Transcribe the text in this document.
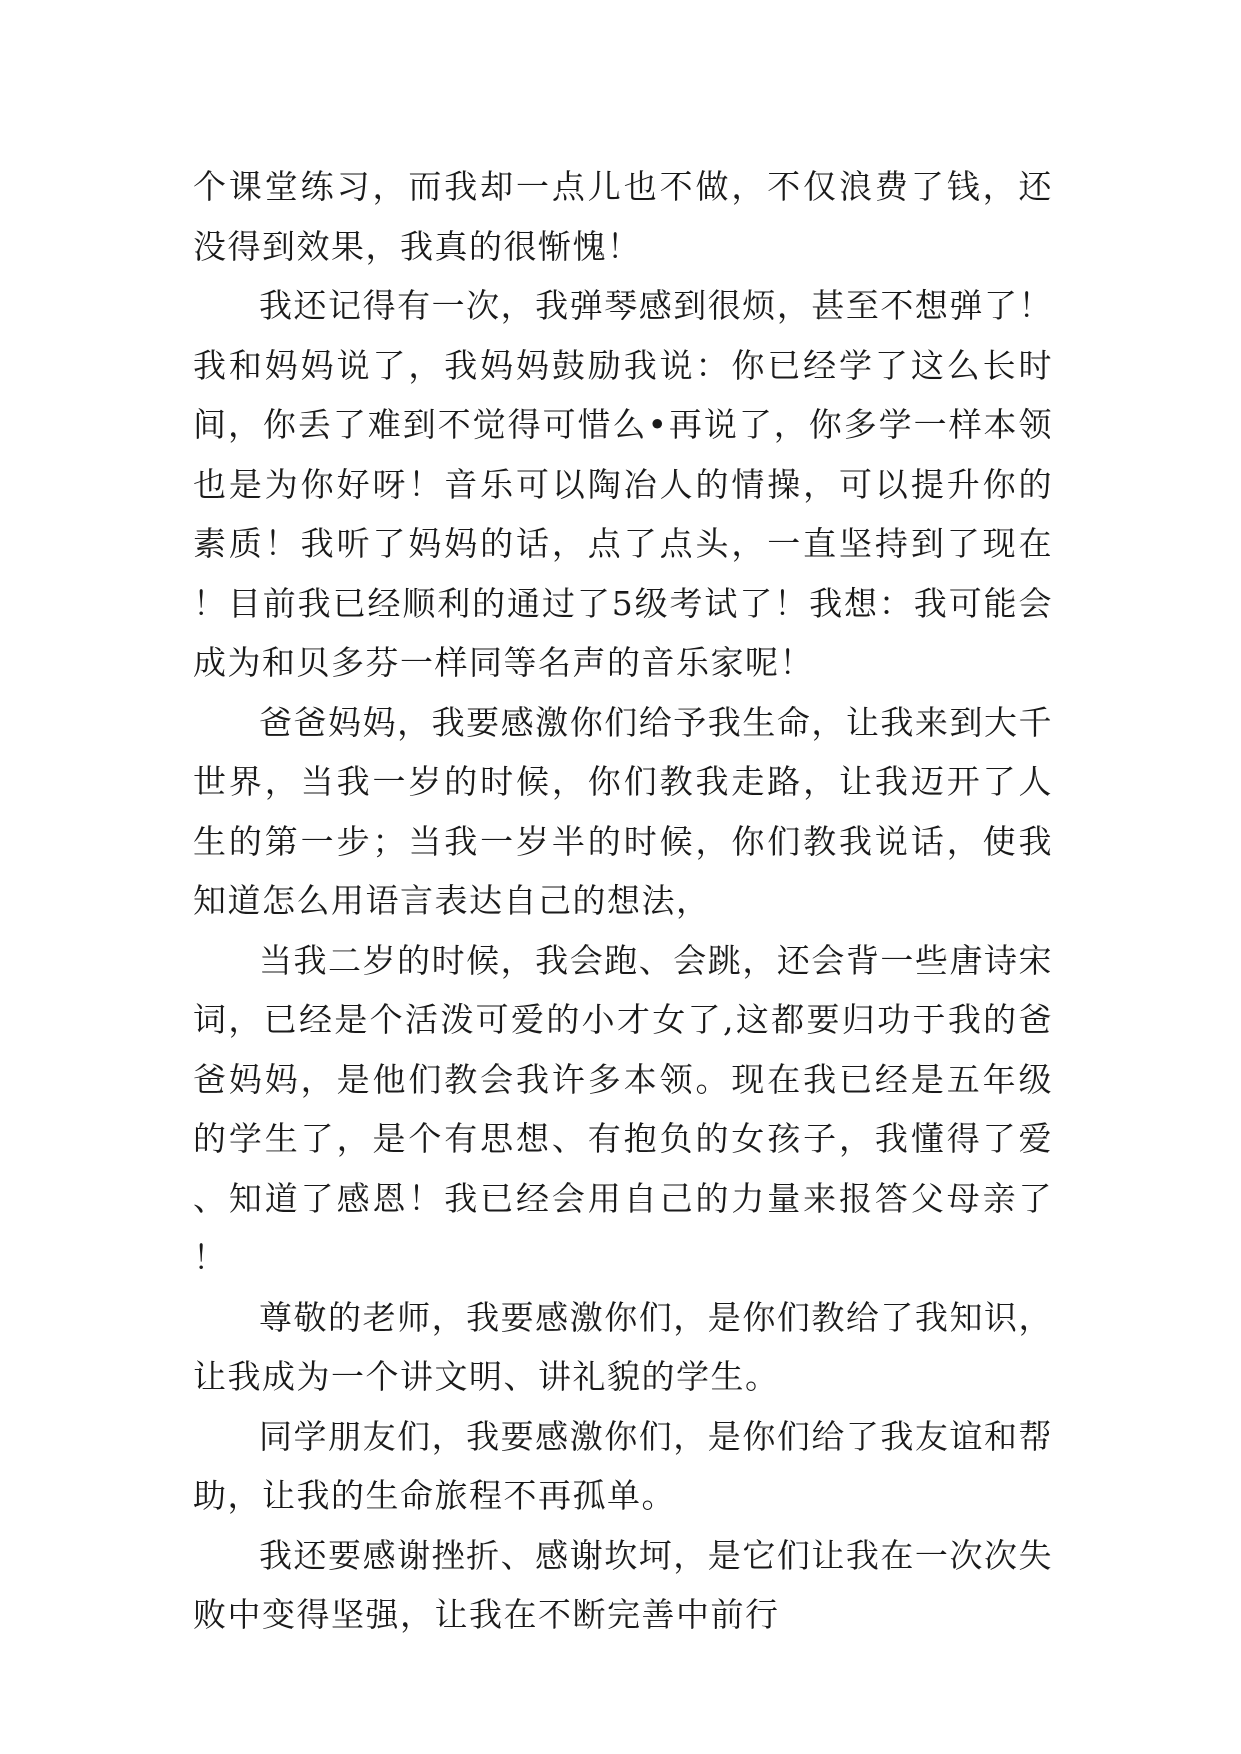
个课堂练习，而我却一点儿也不做，不仅浪费了钱，还没得到效果，我真的很惭愧！

我还记得有一次，我弹琴感到很烦，甚至不想弹了！我和妈妈说了，我妈妈鼓励我说：你已经学了这么长时间，你丢了难到不觉得可惜么•再说了，你多学一样本领也是为你好呀！音乐可以陶冶人的情操，可以提升你的素质！我听了妈妈的话，点了点头，一直坚持到了现在！目前我已经顺利的通过了5级考试了！我想：我可能会成为和贝多芬一样同等名声的音乐家呢！

爸爸妈妈，我要感激你们给予我生命，让我来到大千世界，当我一岁的时候，你们教我走路，让我迈开了人生的第一步；当我一岁半的时候，你们教我说话，使我知道怎么用语言表达自己的想法，

当我二岁的时候，我会跑、会跳，还会背一些唐诗宋词，已经是个活泼可爱的小才女了,这都要归功于我的爸爸妈妈，是他们教会我许多本领。现在我已经是五年级的学生了，是个有思想、有抱负的女孩子，我懂得了爱、知道了感恩！我已经会用自己的力量来报答父母亲了！

尊敬的老师，我要感激你们，是你们教给了我知识，让我成为一个讲文明、讲礼貌的学生。

同学朋友们，我要感激你们，是你们给了我友谊和帮助，让我的生命旅程不再孤单。

我还要感谢挫折、感谢坎坷，是它们让我在一次次失败中变得坚强，让我在不断完善中前行
